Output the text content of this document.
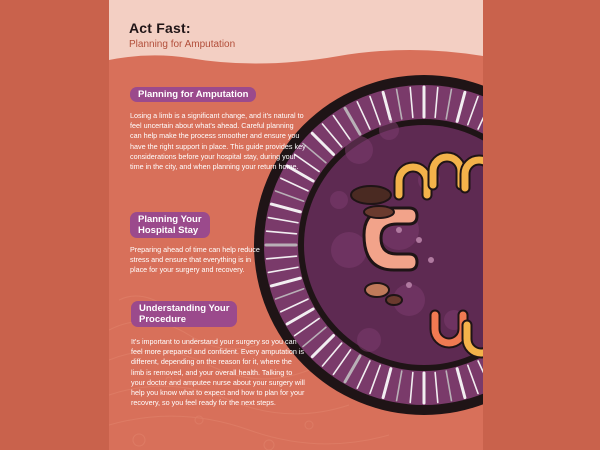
Act Fast:
Planning for Amputation
Planning for Amputation
Losing a limb is a significant change, and it's natural to feel uncertain about what's ahead. Careful planning can help make the process smoother and ensure you have the right support in place. This guide provides key considerations before your hospital stay, during your time in the city, and when planning your return home.
Planning Your
Hospital Stay
Preparing ahead of time can help reduce stress and ensure that everything is in place for your surgery and recovery.
Understanding Your
Procedure
It's important to understand your surgery so you can feel more prepared and confident. Every amputation is different, depending on the reason for it, where the limb is removed, and your overall health. Talking to your doctor and amputee nurse about your surgery will help you know what to expect and how to plan for your recovery, so you feel ready for the next steps.
